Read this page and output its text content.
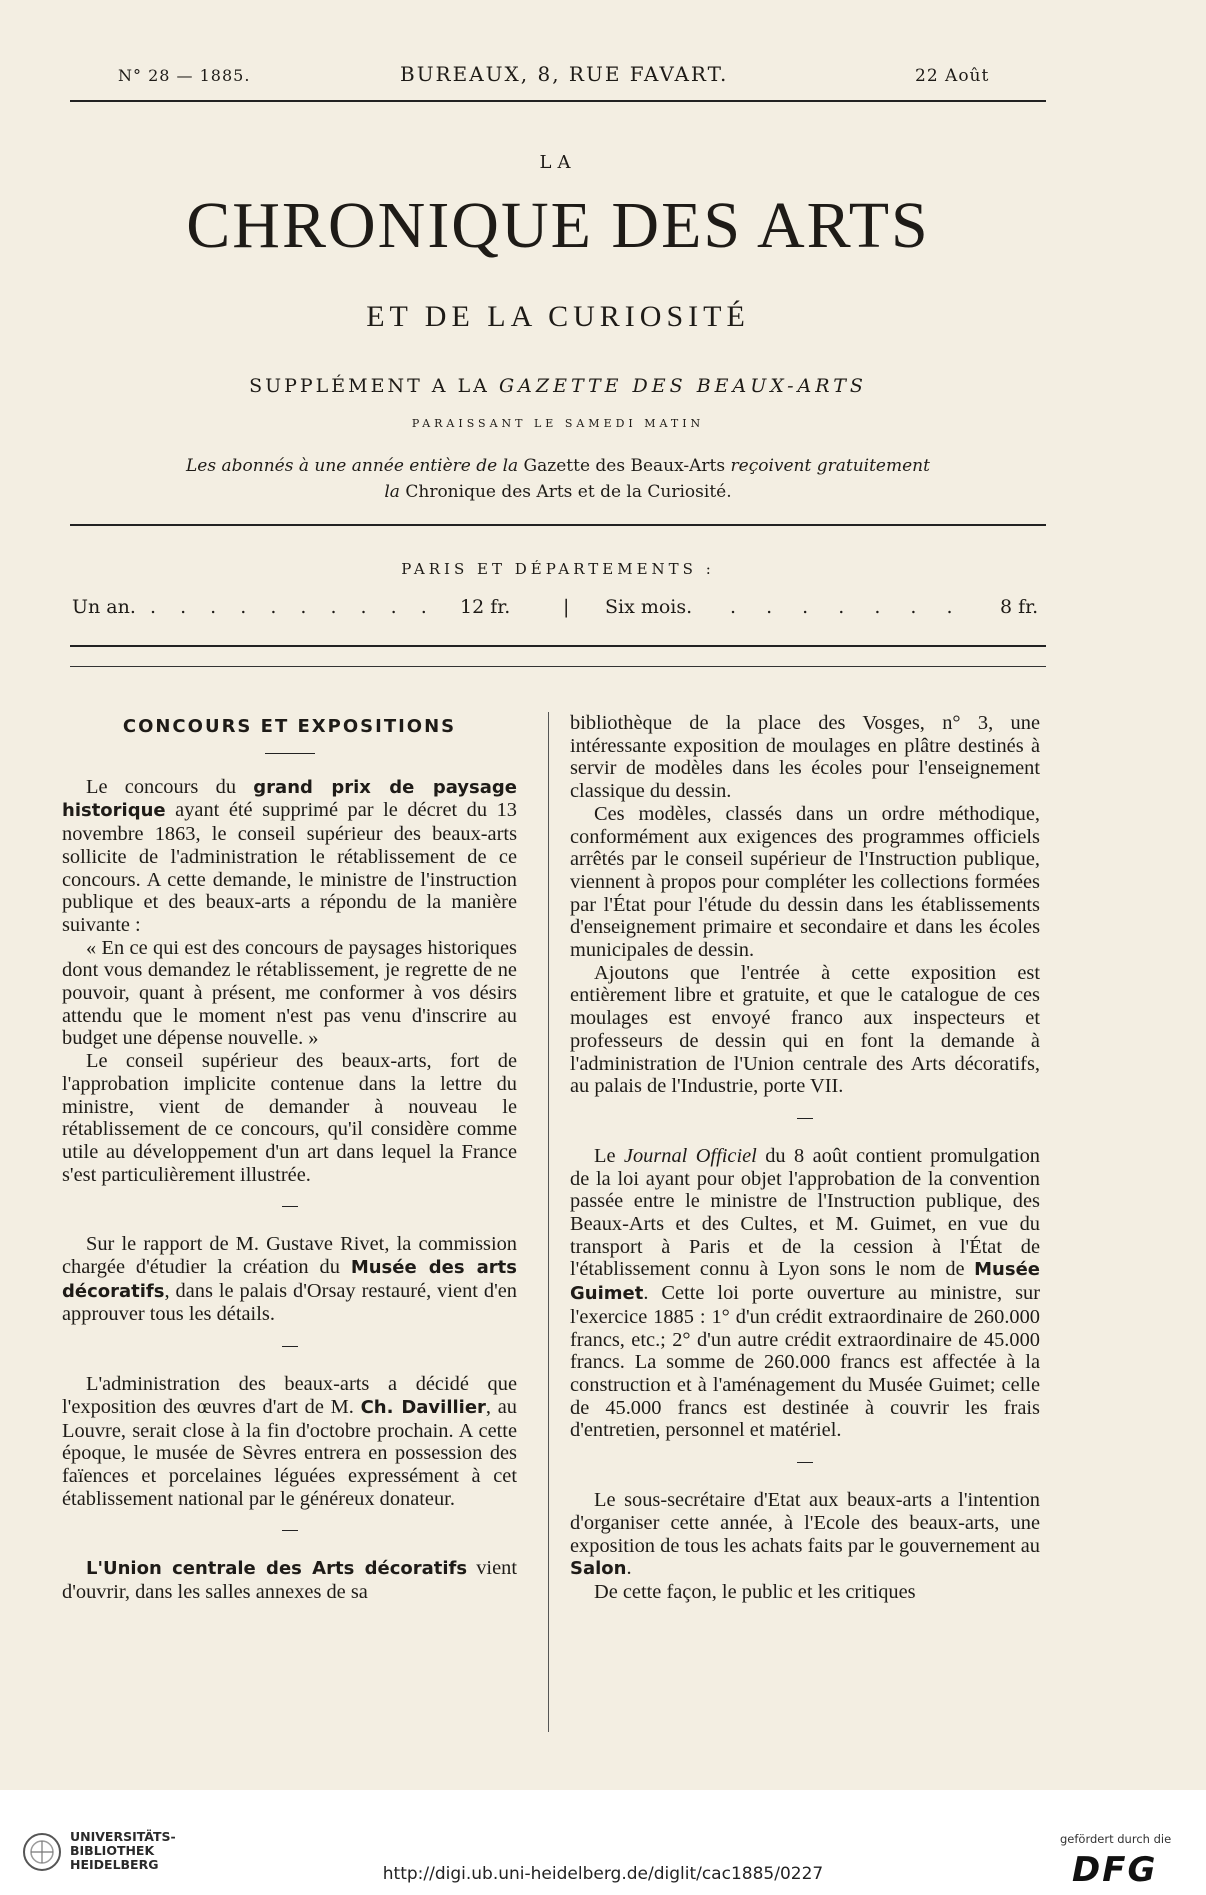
N° 28 — 1885.	BUREAUX, 8, RUE FAVART.	22 Août
LA
CHRONIQUE DES ARTS
ET DE LA CURIOSITÉ
SUPPLÉMENT A LA GAZETTE DES BEAUX-ARTS
PARAISSANT LE SAMEDI MATIN
Les abonnés à une année entière de la Gazette des Beaux-Arts reçoivent gratuitement
la Chronique des Arts et de la Curiosité.
PARIS ET DÉPARTEMENTS :
Un an. . . . . . . . . . . 12 fr.	| Six mois. . . . . . . . 8 fr.
CONCOURS ET EXPOSITIONS

Le concours du grand prix de paysage historique ayant été supprimé par le décret du 13 novembre 1863, le conseil supérieur des beaux-arts sollicite de l'administration le rétablissement de ce concours. A cette demande, le ministre de l'instruction publique et des beaux-arts a répondu de la manière suivante :

« En ce qui est des concours de paysages historiques dont vous demandez le rétablissement, je regrette de ne pouvoir, quant à présent, me conformer à vos désirs attendu que le moment n'est pas venu d'inscrire au budget une dépense nouvelle. »

Le conseil supérieur des beaux-arts, fort de l'approbation implicite contenue dans la lettre du ministre, vient de demander à nouveau le rétablissement de ce concours, qu'il considère comme utile au développement d'un art dans lequel la France s'est particulièrement illustrée.

Sur le rapport de M. Gustave Rivet, la commission chargée d'étudier la création du Musée des arts décoratifs, dans le palais d'Orsay restauré, vient d'en approuver tous les détails.

L'administration des beaux-arts a décidé que l'exposition des œuvres d'art de M. Ch. Davillier, au Louvre, serait close à la fin d'octobre prochain. A cette époque, le musée de Sèvres entrera en possession des faïences et porcelaines léguées expressément à cet établissement national par le généreux donateur.

L'Union centrale des Arts décoratifs vient d'ouvrir, dans les salles annexes de sa

bibliothèque de la place des Vosges, n° 3, une intéressante exposition de moulages en plâtre destinés à servir de modèles dans les écoles pour l'enseignement classique du dessin.

Ces modèles, classés dans un ordre méthodique, conformément aux exigences des programmes officiels arrêtés par le conseil supérieur de l'Instruction publique, viennent à propos pour compléter les collections formées par l'État pour l'étude du dessin dans les établissements d'enseignement primaire et secondaire et dans les écoles municipales de dessin.

Ajoutons que l'entrée à cette exposition est entièrement libre et gratuite, et que le catalogue de ces moulages est envoyé franco aux inspecteurs et professeurs de dessin qui en font la demande à l'administration de l'Union centrale des Arts décoratifs, au palais de l'Industrie, porte VII.

Le Journal Officiel du 8 août contient promulgation de la loi ayant pour objet l'approbation de la convention passée entre le ministre de l'Instruction publique, des Beaux-Arts et des Cultes, et M. Guimet, en vue du transport à Paris et de la cession à l'État de l'établissement connu à Lyon sons le nom de Musée Guimet. Cette loi porte ouverture au ministre, sur l'exercice 1885 : 1° d'un crédit extraordinaire de 260.000 francs, etc.; 2° d'un autre crédit extraordinaire de 45.000 francs. La somme de 260.000 francs est affectée à la construction et à l'aménagement du Musée Guimet; celle de 45.000 francs est destinée à couvrir les frais d'entretien, personnel et matériel.

Le sous-secrétaire d'Etat aux beaux-arts a l'intention d'organiser cette année, à l'Ecole des beaux-arts, une exposition de tous les achats faits par le gouvernement au Salon.

De cette façon, le public et les critiques

UNIVERSITÄTS-
BIBLIOTHEK
HEIDELBERG	http://digi.ub.uni-heidelberg.de/diglit/cac1885/0227
gefördert durch die
DFG
